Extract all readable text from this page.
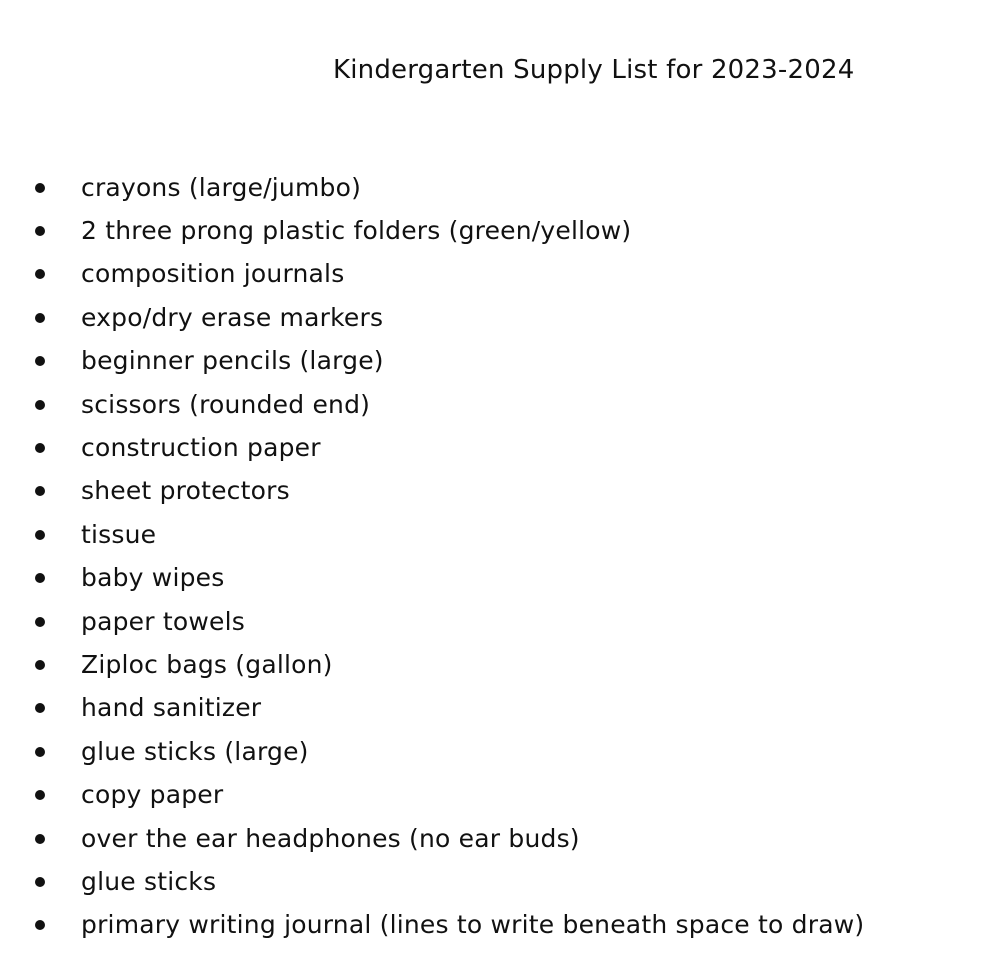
Kindergarten Supply List for 2023-2024
crayons (large/jumbo)
2 three prong plastic folders (green/yellow)
composition journals
expo/dry erase markers
beginner pencils (large)
scissors (rounded end)
construction paper
sheet protectors
tissue
baby wipes
paper towels
Ziploc bags (gallon)
hand sanitizer
glue sticks (large)
copy paper
over the ear headphones (no ear buds)
glue sticks
primary writing journal (lines to write beneath space to draw)
